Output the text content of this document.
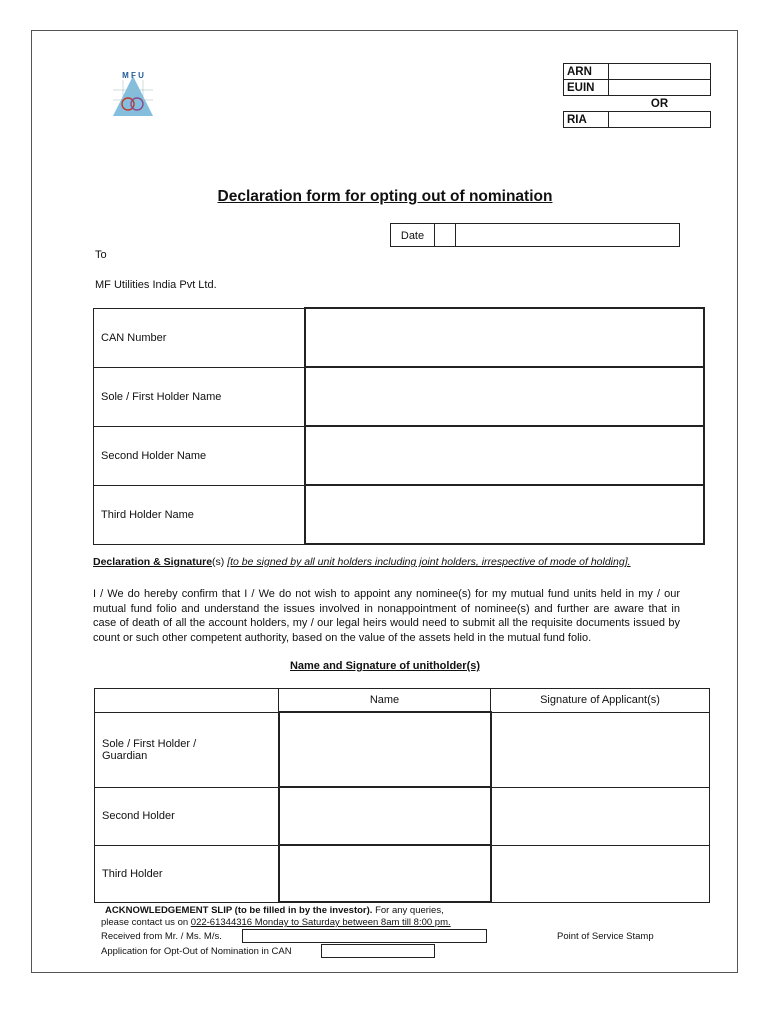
M F U	ARN	
EUIN	
	OR
RIA	
Declaration form for opting out of nomination
Date
To
MF Utilities India Pvt Ltd.
CAN Number	
Sole / First Holder Name	
Second Holder Name	
Third Holder Name	
Declaration & Signature(s) [to be signed by all unit holders including joint holders, irrespective of mode of holding].
I / We do hereby confirm that I / We do not wish to appoint any nominee(s) for my mutual fund units held in my / our mutual fund folio and understand the issues involved in nonappointment of nominee(s) and further are aware that in case of death of all the account holders, my / our legal heirs would need to submit all the requisite documents issued by count or such other competent authority, based on the value of the assets held in the mutual fund folio.
Name and Signature of unitholder(s)
	Name	Signature of Applicant(s)
Sole / First Holder / Guardian		
Second Holder		
Third Holder		
ACKNOWLEDGEMENT SLIP (to be filled in by the investor). For any queries,
please contact us on 022-61344316 Monday to Saturday between 8am till 8:00 pm.
Received from Mr. / Ms. M/s.
Application for Opt-Out of Nomination in CAN
Point of Service Stamp
